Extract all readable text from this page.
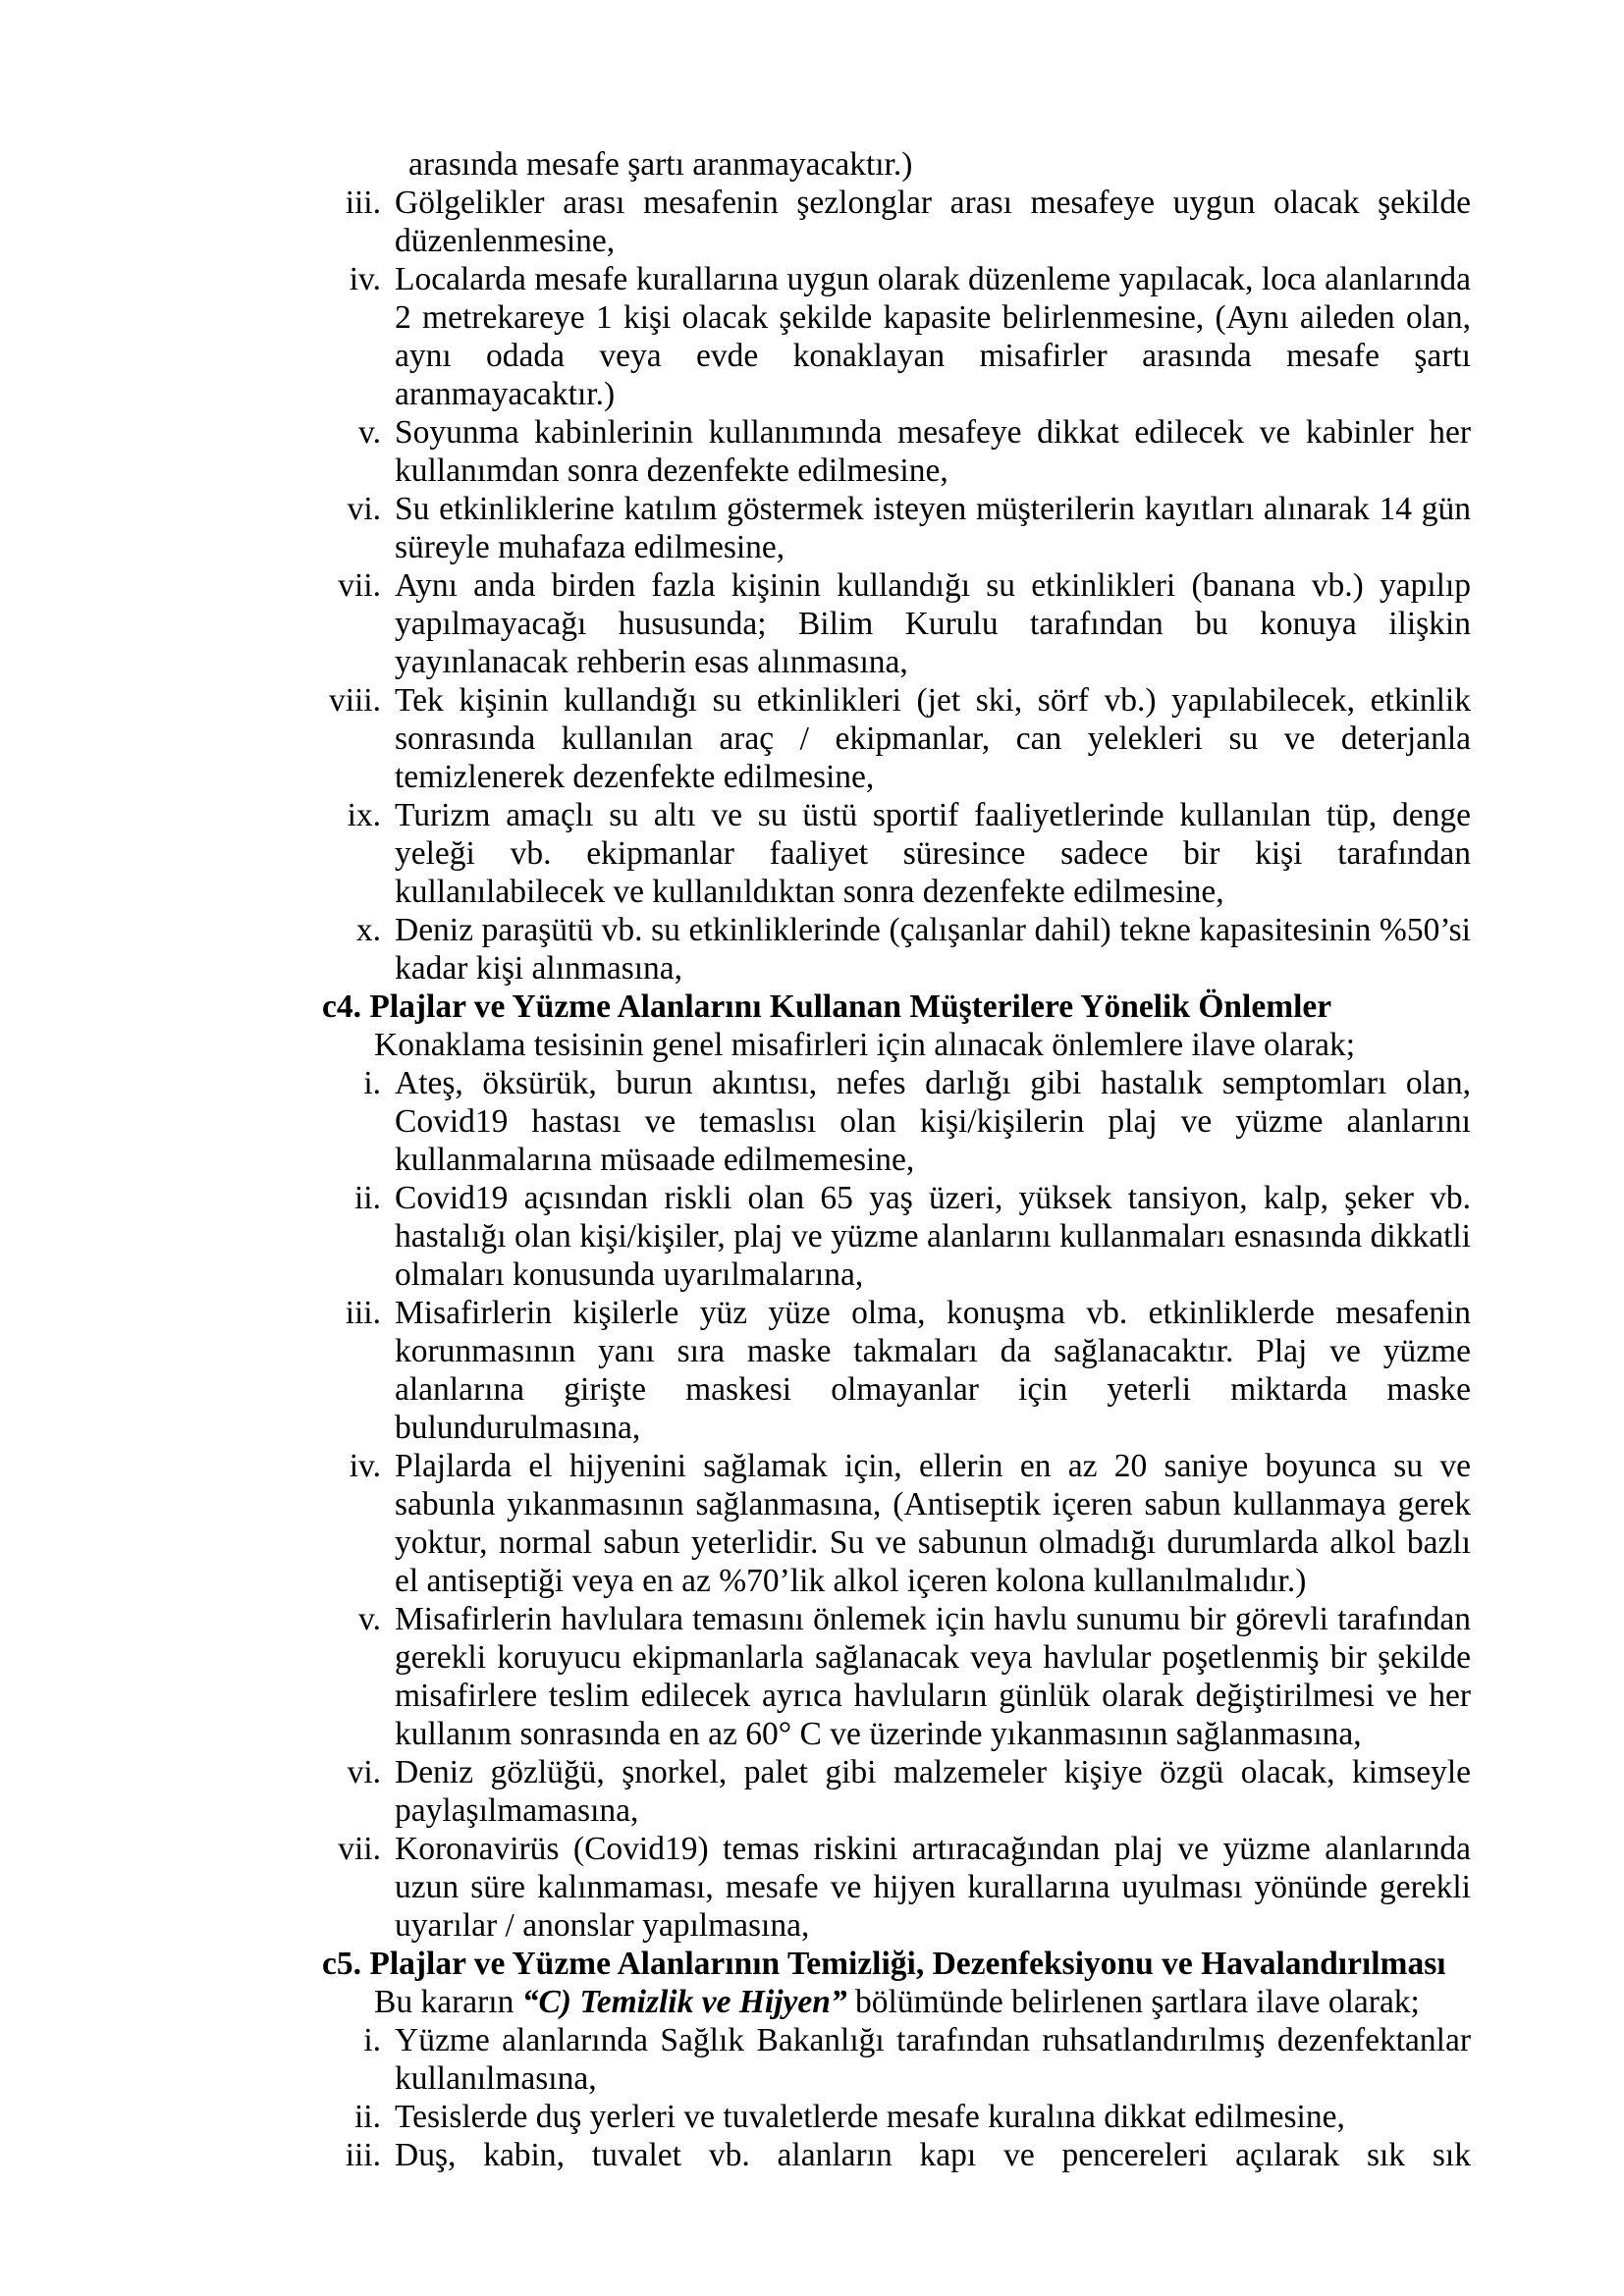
arasında mesafe şartı aranmayacaktır.)
iii. Gölgelikler arası mesafenin şezlonglar arası mesafeye uygun olacak şekilde düzenlenmesine,
iv. Localarda mesafe kurallarına uygun olarak düzenleme yapılacak, loca alanlarında 2 metrekareye 1 kişi olacak şekilde kapasite belirlenmesine, (Aynı aileden olan, aynı odada veya evde konaklayan misafirler arasında mesafe şartı aranmayacaktır.)
v. Soyunma kabinlerinin kullanımında mesafeye dikkat edilecek ve kabinler her kullanımdan sonra dezenfekte edilmesine,
vi. Su etkinliklerine katılım göstermek isteyen müşterilerin kayıtları alınarak 14 gün süreyle muhafaza edilmesine,
vii. Aynı anda birden fazla kişinin kullandığı su etkinlikleri (banana vb.) yapılıp yapılmayacağı hususunda; Bilim Kurulu tarafından bu konuya ilişkin yayınlanacak rehberin esas alınmasına,
viii. Tek kişinin kullandığı su etkinlikleri (jet ski, sörf vb.) yapılabilecek, etkinlik sonrasında kullanılan araç / ekipmanlar, can yelekleri su ve deterjanla temizlenerek dezenfekte edilmesine,
ix. Turizm amaçlı su altı ve su üstü sportif faaliyetlerinde kullanılan tüp, denge yeleği vb. ekipmanlar faaliyet süresince sadece bir kişi tarafından kullanılabilecek ve kullanıldıktan sonra dezenfekte edilmesine,
x. Deniz paraşütü vb. su etkinliklerinde (çalışanlar dahil) tekne kapasitesinin %50’si kadar kişi alınmasına,
c4. Plajlar ve Yüzme Alanlarını Kullanan Müşterilere Yönelik Önlemler
Konaklama tesisinin genel misafirleri için alınacak önlemlere ilave olarak;
i. Ateş, öksürük, burun akıntısı, nefes darlığı gibi hastalık semptomları olan, Covid19 hastası ve temaslısı olan kişi/kişilerin plaj ve yüzme alanlarını kullanmalarına müsaade edilmemesine,
ii. Covid19 açısından riskli olan 65 yaş üzeri, yüksek tansiyon, kalp, şeker vb. hastalığı olan kişi/kişiler, plaj ve yüzme alanlarını kullanmaları esnasında dikkatli olmaları konusunda uyarılmalarına,
iii. Misafirlerin kişilerle yüz yüze olma, konuşma vb. etkinliklerde mesafenin korunmasının yanı sıra maske takmaları da sağlanacaktır. Plaj ve yüzme alanlarına girişte maskesi olmayanlar için yeterli miktarda maske bulundurulmasına,
iv. Plajlarda el hijyenini sağlamak için, ellerin en az 20 saniye boyunca su ve sabunla yıkanmasının sağlanmasına, (Antiseptik içeren sabun kullanmaya gerek yoktur, normal sabun yeterlidir. Su ve sabunun olmadığı durumlarda alkol bazlı el antiseptiği veya en az %70’lik alkol içeren kolona kullanılmalıdır.)
v. Misafirlerin havlulara temasını önlemek için havlu sunumu bir görevli tarafından gerekli koruyucu ekipmanlarla sağlanacak veya havlular poşetlenmiş bir şekilde misafirlere teslim edilecek ayrıca havluların günlük olarak değiştirilmesi ve her kullanım sonrasında en az 60° C ve üzerinde yıkanmasının sağlanmasına,
vi. Deniz gözlüğü, şnorkel, palet gibi malzemeler kişiye özgü olacak, kimseyle paylaşılmamasına,
vii. Koronavirüs (Covid19) temas riskini artıracağından plaj ve yüzme alanlarında uzun süre kalınmaması, mesafe ve hijyen kurallarına uyulması yönünde gerekli uyarılar / anonslar yapılmasına,
c5. Plajlar ve Yüzme Alanlarının Temizliği, Dezenfeksiyonu ve Havalandırılması
Bu kararın “C) Temizlik ve Hijyen” bölümünde belirlenen şartlara ilave olarak;
i. Yüzme alanlarında Sağlık Bakanlığı tarafından ruhsatlandırılmış dezenfektanlar kullanılmasına,
ii. Tesislerde duş yerleri ve tuvaletlerde mesafe kuralına dikkat edilmesine,
iii. Duş, kabin, tuvalet vb. alanların kapı ve pencereleri açılarak sık sık
